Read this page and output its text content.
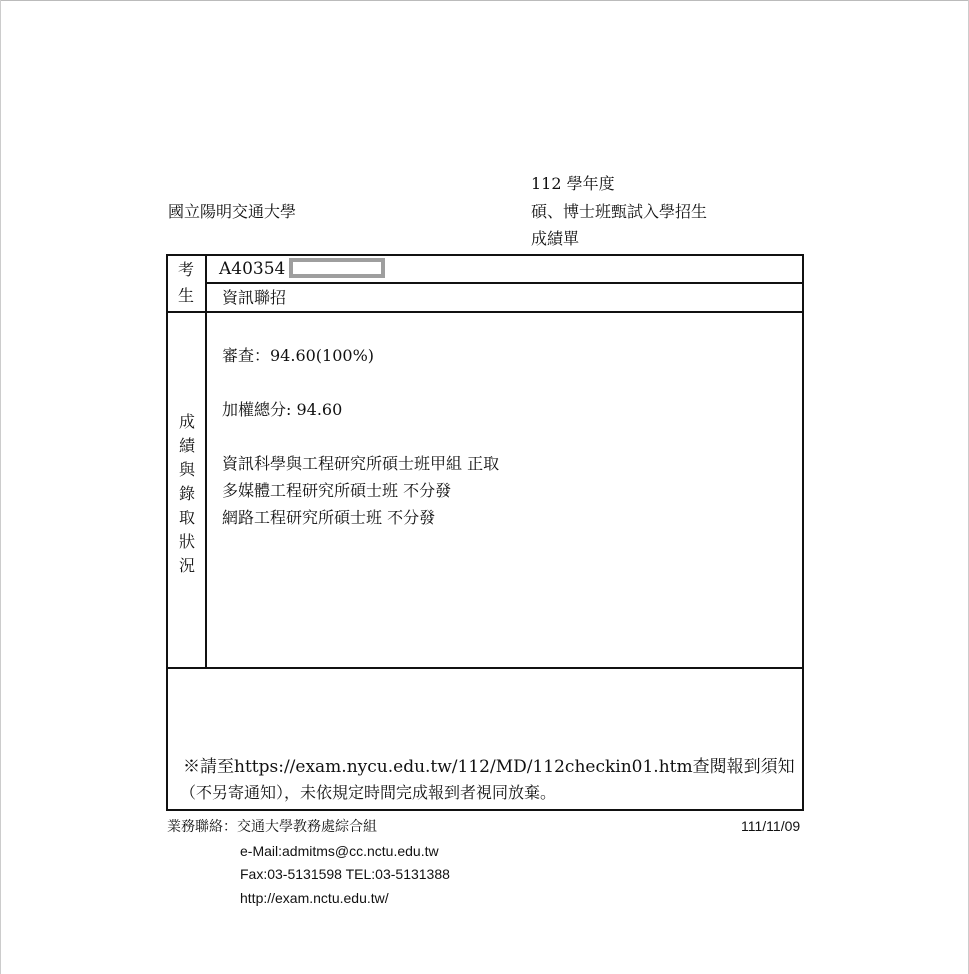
112 學年度
國立陽明交通大學	碩、博士班甄試入學招生
成績單
考
生
A40354
資訊聯招
成績與錄取狀況
審查：94.60(100%)
加權總分: 94.60
資訊科學與工程研究所碩士班甲組 正取
多媒體工程研究所碩士班 不分發
網路工程研究所碩士班 不分發
※請至https://exam.nycu.edu.tw/112/MD/112checkin01.htm查閱報到須知
（不另寄通知），未依規定時間完成報到者視同放棄。
業務聯絡：交通大學教務處綜合組	111/11/09
e-Mail:admitms@cc.nctu.edu.tw
Fax:03-5131598 TEL:03-5131388
http://exam.nctu.edu.tw/
